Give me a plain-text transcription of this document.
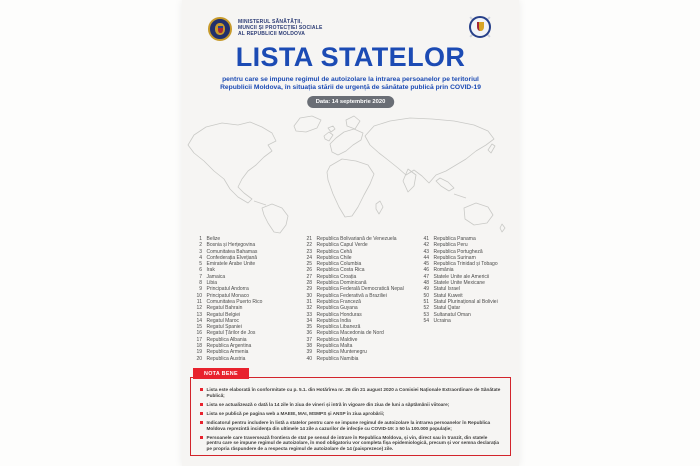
MINISTERUL SĂNĂTĂȚII,
MUNCII ȘI PROTECȚIEI SOCIALE
AL REPUBLICII MOLDOVA
LISTA STATELOR
pentru care se impune regimul de autoizolare la intrarea persoanelor pe teritoriul Republicii Moldova, în situația stării de urgență de sănătate publică prin COVID-19
Data: 14 septembrie 2020
1 Belize
2 Bosnia și Herțegovina
3 Comunitatea Bahamas
4 Confederația Elvețiană
5 Emiratele Arabe Unite
6 Irak
7 Jamaica
8 Libia
9 Principatul Andorra
10 Principatul Monaco
11 Comunitatea Puerto Rico
12 Regatul Bahrain
13 Regatul Belgiei
14 Regatul Maroc
15 Regatul Spaniei
16 Regatul Țărilor de Jos
17 Republica Albania
18 Republica Argentina
19 Republica Armenia
20 Republica Austria
21 Republica Bolivariană de Venezuela
22 Republica Capul Verde
23 Republica Cehă
24 Republica Chile
25 Republica Columbia
26 Republica Costa Rica
27 Republica Croația
28 Republica Dominicană
29 Republica Federală Democratică Nepal
30 Republica Federativă a Braziliei
31 Republica Franceză
32 Republica Guyana
33 Republica Honduras
34 Republica India
35 Republica Libaneză
36 Republica Macedonia de Nord
37 Republica Maldive
38 Republica Malta
39 Republica Muntenegru
40 Republica Namibia
41 Republica Panama
42 Republica Peru
43 Republica Portugheză
44 Republica Surinam
45 Republica Trinidad și Tobago
46 România
47 Statele Unite ale Americii
48 Statele Unite Mexicane
49 Statul Israel
50 Statul Kuweit
51 Statul Plurinațional al Boliviei
52 Statul Qatar
53 Sultanatul Oman
54 Ucraina
NOTA BENE
Lista este elaborată în conformitate cu p. 5.1. din Hotărîrea nr. 26 din 21 august 2020 a Comisiei Naționale Extraordinare de Sănătate Publică;
Lista se actualizează o dată la 14 zile în ziua de vineri și intră în vigoare din ziua de luni a săptămânii viitoare;
Lista se publică pe pagina web a MAEIE, MAI, MSMPS și ANSP în ziua aprobării;
Indicatorul pentru includere în listă a statelor pentru care se impune regimul de autoizolare la intrarea persoanelor în Republica Moldova reprezintă incidența din ultimele 14 zile a cazurilor de infecție cu COVID-19: ≥ 50 la 100.000 populație;
Persoanele care traversează frontiera de stat pe sensul de intrare în Republica Moldova, și vin, direct sau în tranzit, din statele pentru care se impune regimul de autoizolare, în mod obligatoriu vor completa fișa epidemiologică, precum și vor semna declarația pe propria răspundere de a respecta regimul de autoizolare de 14 (paisprezece) zile.
